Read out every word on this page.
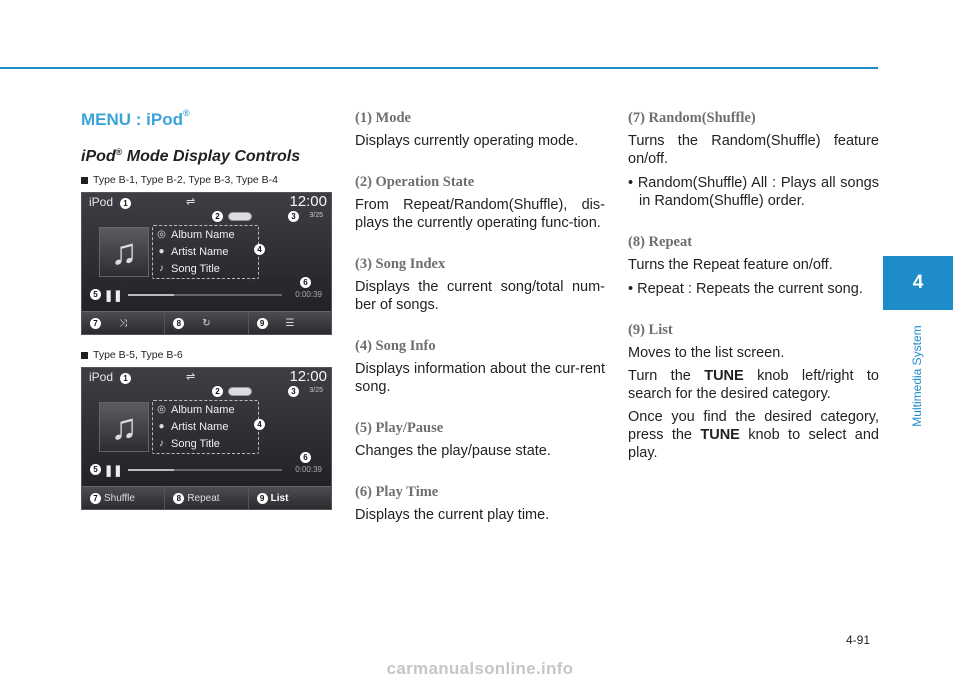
MENU : iPod®
iPod® Mode Display Controls
Type B-1, Type B-2, Type B-3, Type B-4
iPod	1	⇌	12:00
2	3	3/25
♫	◎ Album Name
● Artist Name
♪ Song Title
4
5 ❚❚
6
0:00:39
7	⤨	8	↻	9	☰
Type B-5, Type B-6
iPod	1	⇌	12:00
2	3	3/25
♫	◎ Album Name
● Artist Name
♪ Song Title
4
5 ❚❚
6
0:00:39
7 Shuffle	8 Repeat	9 List
(1) Mode
Displays currently operating mode.
(2) Operation State
From Repeat/Random(Shuffle), dis-plays the currently operating func-tion.
(3) Song Index
Displays the current song/total num-ber of songs.
(4) Song Info
Displays information about the cur-rent song.
(5) Play/Pause
Changes the play/pause state.
(6) Play Time
Displays the current play time.
(7) Random(Shuffle)
Turns the Random(Shuffle) feature on/off.
• Random(Shuffle) All : Plays all songs in Random(Shuffle) order.
(8) Repeat
Turns the Repeat feature on/off.
• Repeat : Repeats the current song.
(9) List
Moves to the list screen.
Turn the TUNE knob left/right to search for the desired category.
Once you find the desired category, press the TUNE knob to select and play.
4
Multimedia System
4-91
carmanualsonline.info
